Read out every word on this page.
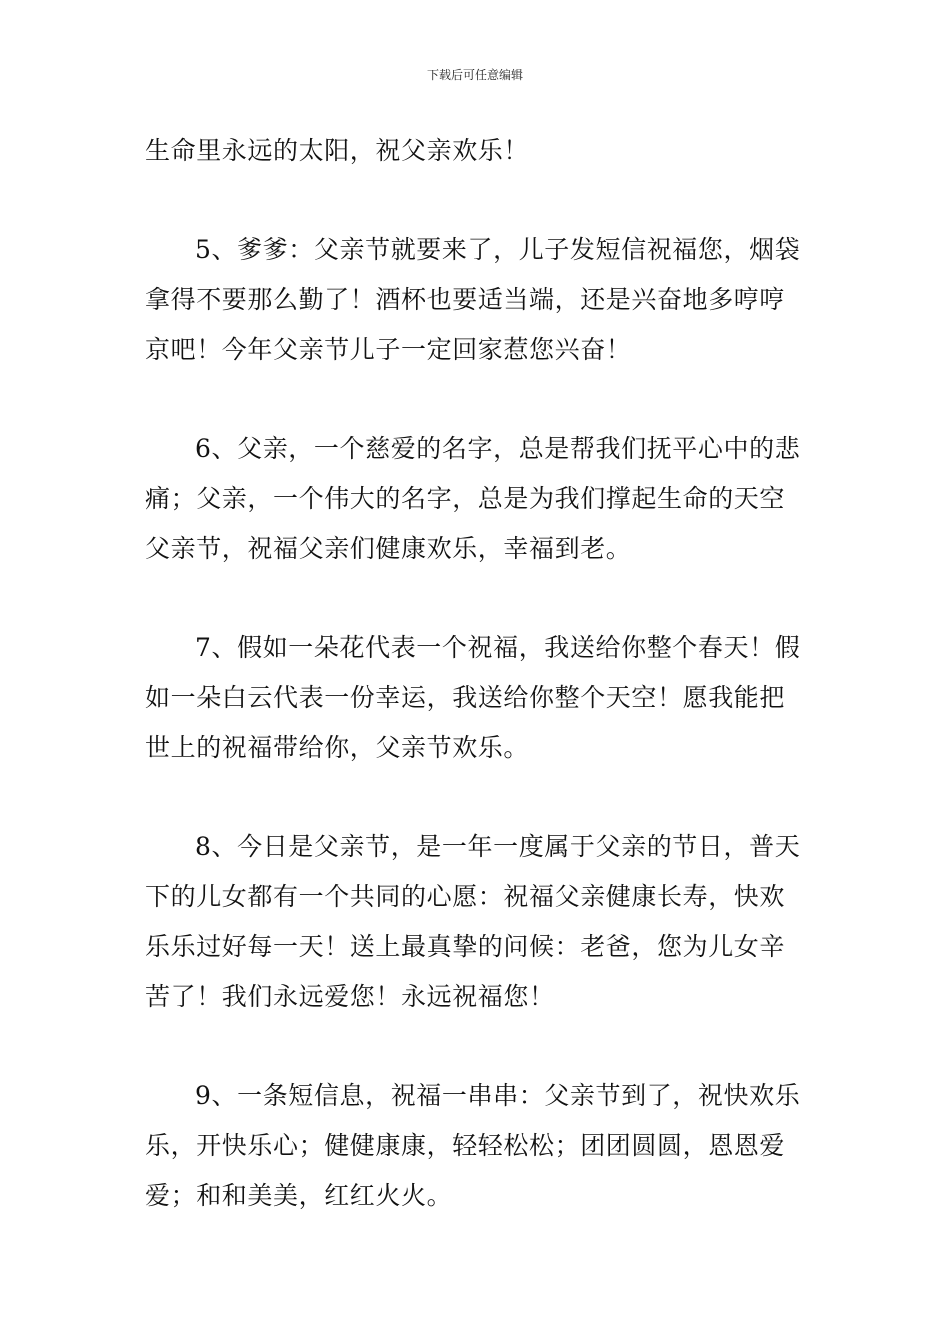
下载后可任意编辑

生命里永远的太阳，祝父亲欢乐！

5、爹爹：父亲节就要来了，儿子发短信祝福您，烟袋拿得不要那么勤了！酒杯也要适当端，还是兴奋地多哼哼京吧！今年父亲节儿子一定回家惹您兴奋！

6、父亲，一个慈爱的名字，总是帮我们抚平心中的悲痛；父亲，一个伟大的名字，总是为我们撑起生命的天空父亲节，祝福父亲们健康欢乐，幸福到老。

7、假如一朵花代表一个祝福，我送给你整个春天！假如一朵白云代表一份幸运，我送给你整个天空！愿我能把世上的祝福带给你，父亲节欢乐。

8、今日是父亲节，是一年一度属于父亲的节日，普天下的儿女都有一个共同的心愿：祝福父亲健康长寿，快欢乐乐过好每一天！送上最真挚的问候：老爸，您为儿女辛苦了！我们永远爱您！永远祝福您！

9、一条短信息，祝福一串串：父亲节到了，祝快欢乐乐，开快乐心；健健康康，轻轻松松；团团圆圆，恩恩爱爱；和和美美，红红火火。
